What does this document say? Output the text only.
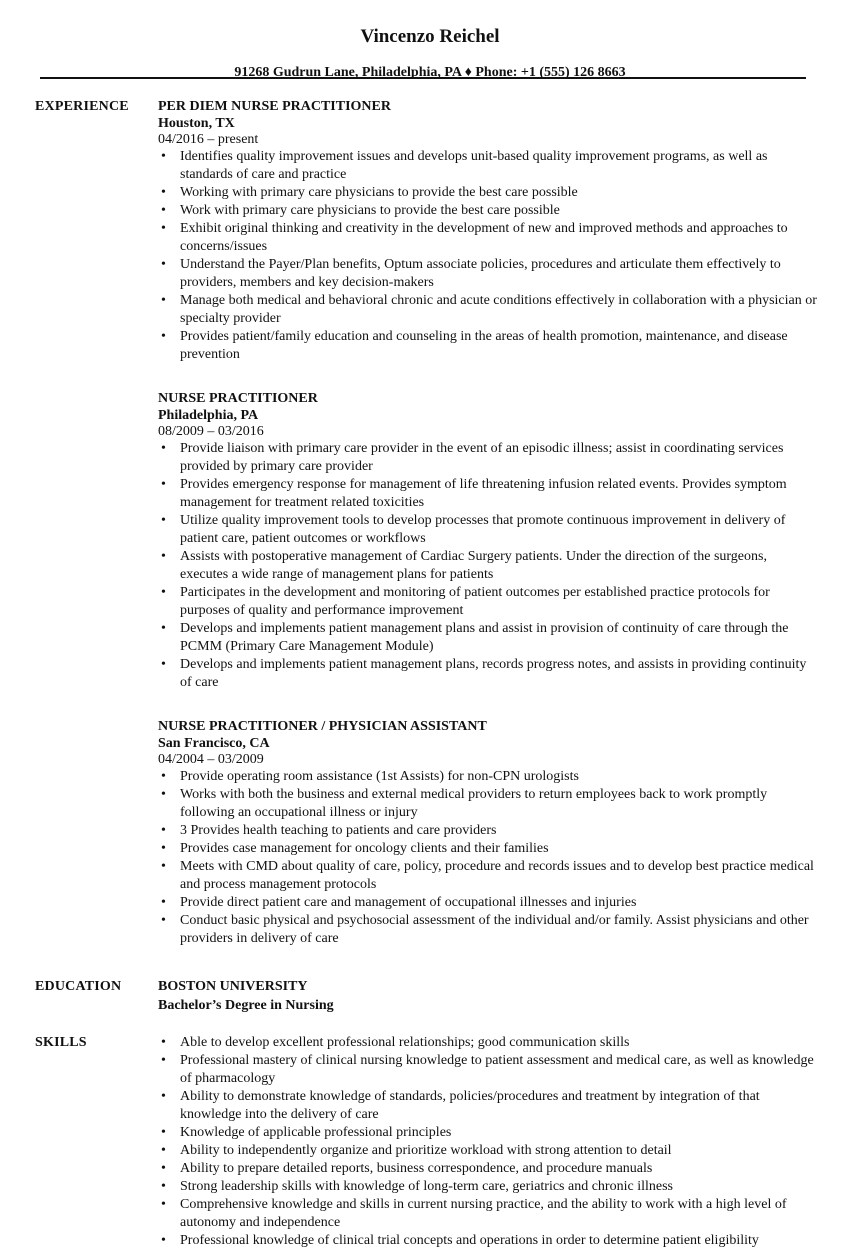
Vincenzo Reichel
91268 Gudrun Lane, Philadelphia, PA ♦ Phone: +1 (555) 126 8663
EXPERIENCE PER DIEM NURSE PRACTITIONER
Houston, TX
04/2016 – present
• Identifies quality improvement issues and develops unit-based quality improvement programs, as well as standards of care and practice
• Working with primary care physicians to provide the best care possible
• Work with primary care physicians to provide the best care possible
• Exhibit original thinking and creativity in the development of new and improved methods and approaches to concerns/issues
• Understand the Payer/Plan benefits, Optum associate policies, procedures and articulate them effectively to providers, members and key decision-makers
• Manage both medical and behavioral chronic and acute conditions effectively in collaboration with a physician or specialty provider
• Provides patient/family education and counseling in the areas of health promotion, maintenance, and disease prevention
NURSE PRACTITIONER
Philadelphia, PA
08/2009 – 03/2016
• Provide liaison with primary care provider in the event of an episodic illness; assist in coordinating services provided by primary care provider
• Provides emergency response for management of life threatening infusion related events. Provides symptom management for treatment related toxicities
• Utilize quality improvement tools to develop processes that promote continuous improvement in delivery of patient care, patient outcomes or workflows
• Assists with postoperative management of Cardiac Surgery patients. Under the direction of the surgeons, executes a wide range of management plans for patients
• Participates in the development and monitoring of patient outcomes per established practice protocols for purposes of quality and performance improvement
• Develops and implements patient management plans and assist in provision of continuity of care through the PCMM (Primary Care Management Module)
• Develops and implements patient management plans, records progress notes, and assists in providing continuity of care
NURSE PRACTITIONER / PHYSICIAN ASSISTANT
San Francisco, CA
04/2004 – 03/2009
• Provide operating room assistance (1st Assists) for non-CPN urologists
• Works with both the business and external medical providers to return employees back to work promptly following an occupational illness or injury
• 3 Provides health teaching to patients and care providers
• Provides case management for oncology clients and their families
• Meets with CMD about quality of care, policy, procedure and records issues and to develop best practice medical and process management protocols
• Provide direct patient care and management of occupational illnesses and injuries
• Conduct basic physical and psychosocial assessment of the individual and/or family. Assist physicians and other providers in delivery of care
EDUCATION	BOSTON UNIVERSITY
Bachelor’s Degree in Nursing
SKILLS	• Able to develop excellent professional relationships; good communication skills
• Professional mastery of clinical nursing knowledge to patient assessment and medical care, as well as knowledge of pharmacology
• Ability to demonstrate knowledge of standards, policies/procedures and treatment by integration of that knowledge into the delivery of care
• Knowledge of applicable professional principles
• Ability to independently organize and prioritize workload with strong attention to detail
• Ability to prepare detailed reports, business correspondence, and procedure manuals
• Strong leadership skills with knowledge of long-term care, geriatrics and chronic illness
• Comprehensive knowledge and skills in current nursing practice, and the ability to work with a high level of autonomy and independence
• Professional knowledge of clinical trial concepts and operations in order to determine patient eligibility
